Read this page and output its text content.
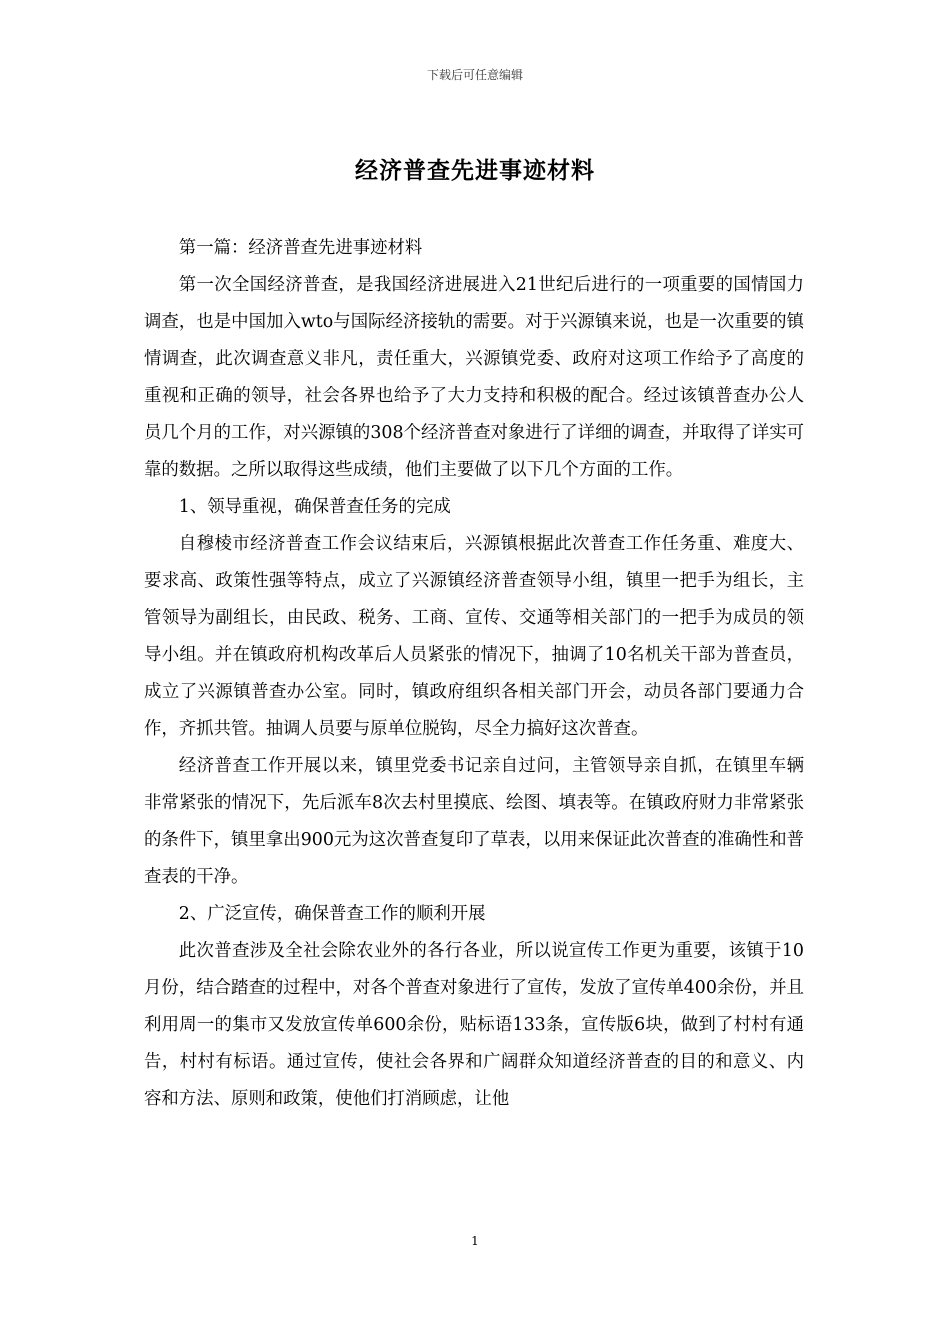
下载后可任意编辑
经济普查先进事迹材料

第一篇：经济普查先进事迹材料

第一次全国经济普查，是我国经济进展进入21世纪后进行的一项重要的国情国力调查，也是中国加入wto与国际经济接轨的需要。对于兴源镇来说，也是一次重要的镇情调查，此次调查意义非凡，责任重大，兴源镇党委、政府对这项工作给予了高度的重视和正确的领导，社会各界也给予了大力支持和积极的配合。经过该镇普查办公人员几个月的工作，对兴源镇的308个经济普查对象进行了详细的调查，并取得了详实可靠的数据。之所以取得这些成绩，他们主要做了以下几个方面的工作。

1、领导重视，确保普查任务的完成

自穆棱市经济普查工作会议结束后，兴源镇根据此次普查工作任务重、难度大、要求高、政策性强等特点，成立了兴源镇经济普查领导小组，镇里一把手为组长，主管领导为副组长，由民政、税务、工商、宣传、交通等相关部门的一把手为成员的领导小组。并在镇政府机构改革后人员紧张的情况下，抽调了10名机关干部为普查员，成立了兴源镇普查办公室。同时，镇政府组织各相关部门开会，动员各部门要通力合作，齐抓共管。抽调人员要与原单位脱钩，尽全力搞好这次普查。

经济普查工作开展以来，镇里党委书记亲自过问，主管领导亲自抓，在镇里车辆非常紧张的情况下，先后派车8次去村里摸底、绘图、填表等。在镇政府财力非常紧张的条件下，镇里拿出900元为这次普查复印了草表，以用来保证此次普查的准确性和普查表的干净。

2、广泛宣传，确保普查工作的顺利开展

此次普查涉及全社会除农业外的各行各业，所以说宣传工作更为重要，该镇于10月份，结合踏查的过程中，对各个普查对象进行了宣传，发放了宣传单400余份，并且利用周一的集市又发放宣传单600余份，贴标语133条，宣传版6块，做到了村村有通告，村村有标语。通过宣传，使社会各界和广阔群众知道经济普查的目的和意义、内容和方法、原则和政策，使他们打消顾虑，让他

1
